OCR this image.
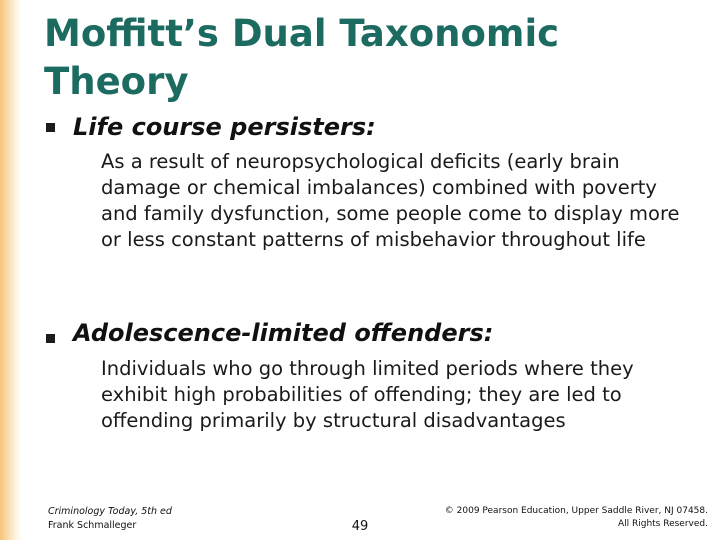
Moffitt’s Dual Taxonomic Theory
Life course persisters:

As a result of neuropsychological deficits (early brain damage or chemical imbalances) combined with poverty and family dysfunction, some people come to display more or less constant patterns of misbehavior throughout life

Adolescence-limited offenders:

Individuals who go through limited periods where they exhibit high probabilities of offending; they are led to offending primarily by structural disadvantages

Criminology Today, 5th ed
Frank Schmalleger	49
© 2009 Pearson Education, Upper Saddle River, NJ 07458.
All Rights Reserved.
